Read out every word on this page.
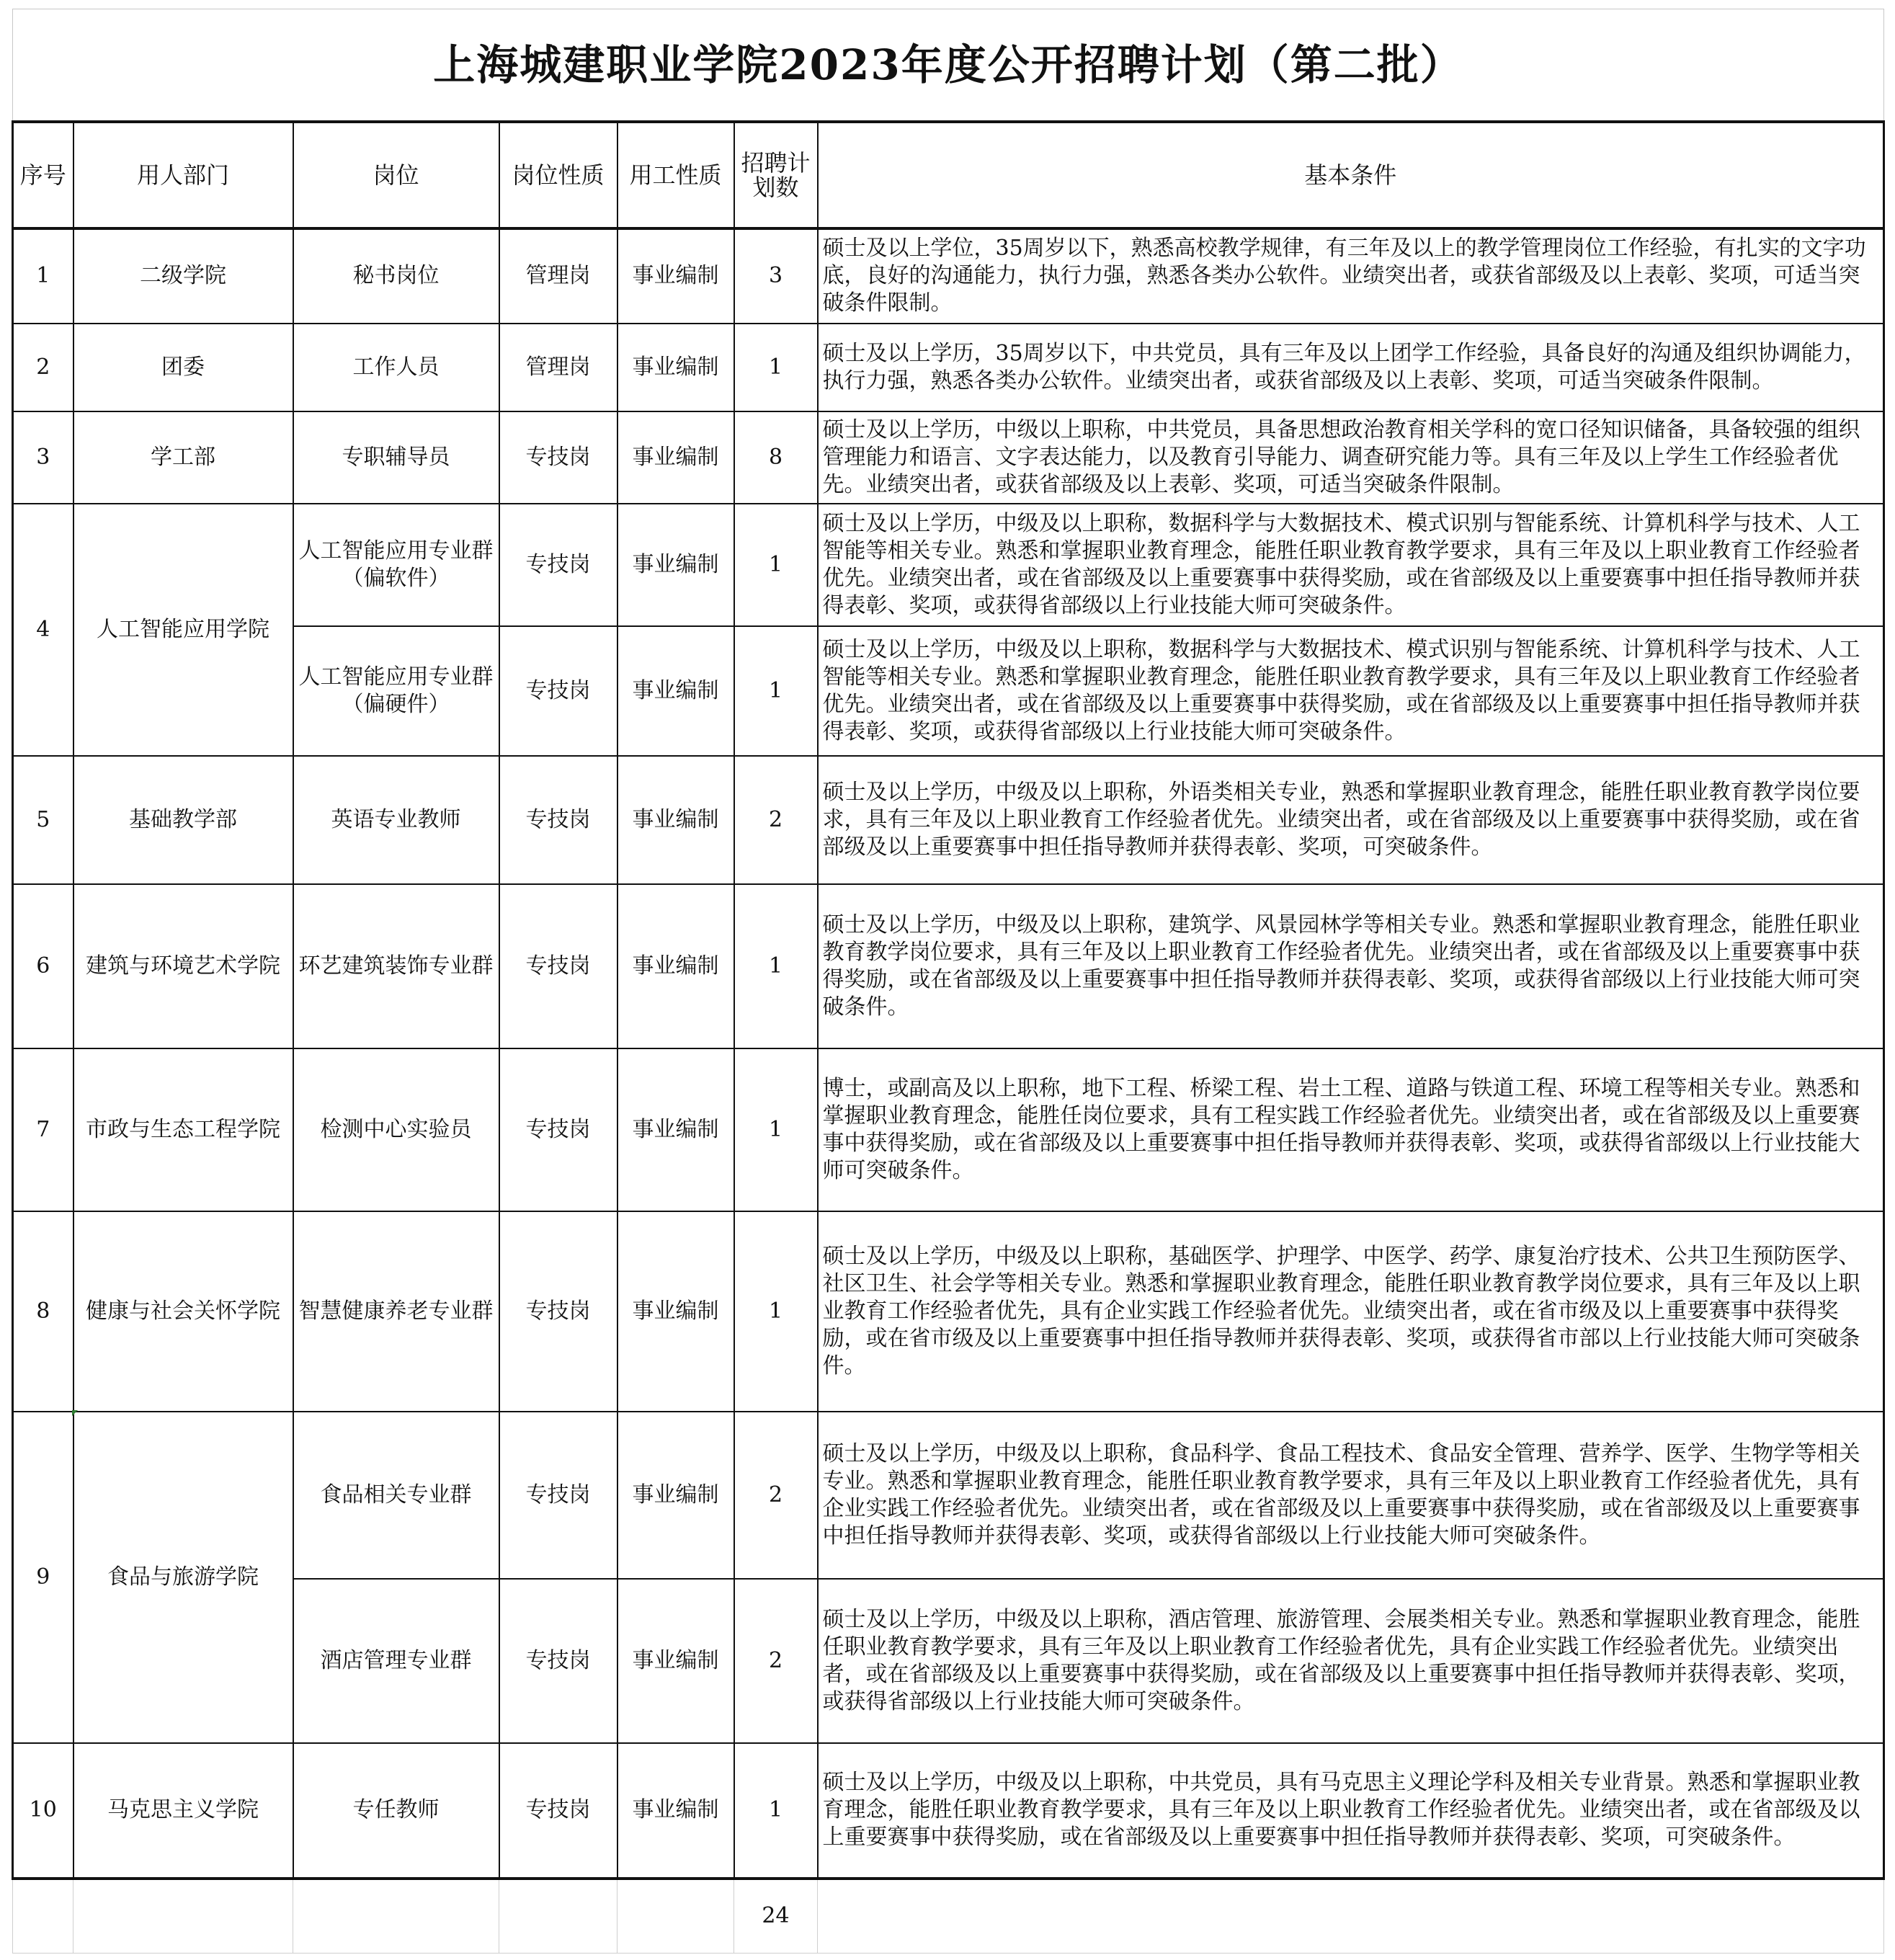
上海城建职业学院2023年度公开招聘计划（第二批）						
序号	用人部门	岗位	岗位性质	用工性质	招聘计划数	基本条件
1	二级学院	秘书岗位	管理岗	事业编制	3	硕士及以上学位，35周岁以下，熟悉高校教学规律，有三年及以上的教学管理岗位工作经验，有扎实的文字功底，良好的沟通能力，执行力强，熟悉各类办公软件。业绩突出者，或获省部级及以上表彰、奖项，可适当突破条件限制。
2	团委	工作人员	管理岗	事业编制	1	硕士及以上学历，35周岁以下，中共党员，具有三年及以上团学工作经验，具备良好的沟通及组织协调能力，执行力强，熟悉各类办公软件。业绩突出者，或获省部级及以上表彰、奖项，可适当突破条件限制。
3	学工部	专职辅导员	专技岗	事业编制	8	硕士及以上学历，中级以上职称，中共党员，具备思想政治教育相关学科的宽口径知识储备，具备较强的组织管理能力和语言、文字表达能力，以及教育引导能力、调查研究能力等。具有三年及以上学生工作经验者优先。业绩突出者，或获省部级及以上表彰、奖项，可适当突破条件限制。
4	人工智能应用学院	人工智能应用专业群（偏软件）	专技岗	事业编制	1	硕士及以上学历，中级及以上职称，数据科学与大数据技术、模式识别与智能系统、计算机科学与技术、人工智能等相关专业。熟悉和掌握职业教育理念，能胜任职业教育教学要求，具有三年及以上职业教育工作经验者优先。业绩突出者，或在省部级及以上重要赛事中获得奖励，或在省部级及以上重要赛事中担任指导教师并获得表彰、奖项，或获得省部级以上行业技能大师可突破条件。
		人工智能应用专业群（偏硬件）	专技岗	事业编制	1	硕士及以上学历，中级及以上职称，数据科学与大数据技术、模式识别与智能系统、计算机科学与技术、人工智能等相关专业。熟悉和掌握职业教育理念，能胜任职业教育教学要求，具有三年及以上职业教育工作经验者优先。业绩突出者，或在省部级及以上重要赛事中获得奖励，或在省部级及以上重要赛事中担任指导教师并获得表彰、奖项，或获得省部级以上行业技能大师可突破条件。
5	基础教学部	英语专业教师	专技岗	事业编制	2	硕士及以上学历，中级及以上职称，外语类相关专业，熟悉和掌握职业教育理念，能胜任职业教育教学岗位要求，具有三年及以上职业教育工作经验者优先。业绩突出者，或在省部级及以上重要赛事中获得奖励，或在省部级及以上重要赛事中担任指导教师并获得表彰、奖项，可突破条件。
6	建筑与环境艺术学院	环艺建筑装饰专业群	专技岗	事业编制	1	硕士及以上学历，中级及以上职称，建筑学、风景园林学等相关专业。熟悉和掌握职业教育理念，能胜任职业教育教学岗位要求，具有三年及以上职业教育工作经验者优先。业绩突出者，或在省部级及以上重要赛事中获得奖励，或在省部级及以上重要赛事中担任指导教师并获得表彰、奖项，或获得省部级以上行业技能大师可突破条件。
7	市政与生态工程学院	检测中心实验员	专技岗	事业编制	1	博士，或副高及以上职称，地下工程、桥梁工程、岩土工程、道路与铁道工程、环境工程等相关专业。熟悉和掌握职业教育理念，能胜任岗位要求，具有工程实践工作经验者优先。业绩突出者，或在省部级及以上重要赛事中获得奖励，或在省部级及以上重要赛事中担任指导教师并获得表彰、奖项，或获得省部级以上行业技能大师可突破条件。
8	健康与社会关怀学院	智慧健康养老专业群	专技岗	事业编制	1	硕士及以上学历，中级及以上职称，基础医学、护理学、中医学、药学、康复治疗技术、公共卫生预防医学、社区卫生、社会学等相关专业。熟悉和掌握职业教育理念，能胜任职业教育教学岗位要求，具有三年及以上职业教育工作经验者优先，具有企业实践工作经验者优先。业绩突出者，或在省市级及以上重要赛事中获得奖励，或在省市级及以上重要赛事中担任指导教师并获得表彰、奖项，或获得省市部以上行业技能大师可突破条件。
9	食品与旅游学院	食品相关专业群	专技岗	事业编制	2	硕士及以上学历，中级及以上职称，食品科学、食品工程技术、食品安全管理、营养学、医学、生物学等相关专业。熟悉和掌握职业教育理念，能胜任职业教育教学要求，具有三年及以上职业教育工作经验者优先，具有企业实践工作经验者优先。业绩突出者，或在省部级及以上重要赛事中获得奖励，或在省部级及以上重要赛事中担任指导教师并获得表彰、奖项，或获得省部级以上行业技能大师可突破条件。
		酒店管理专业群	专技岗	事业编制	2	硕士及以上学历，中级及以上职称，酒店管理、旅游管理、会展类相关专业。熟悉和掌握职业教育理念，能胜任职业教育教学要求，具有三年及以上职业教育工作经验者优先，具有企业实践工作经验者优先。业绩突出者，或在省部级及以上重要赛事中获得奖励，或在省部级及以上重要赛事中担任指导教师并获得表彰、奖项，或获得省部级以上行业技能大师可突破条件。
10	马克思主义学院	专任教师	专技岗	事业编制	1	硕士及以上学历，中级及以上职称，中共党员，具有马克思主义理论学科及相关专业背景。熟悉和掌握职业教育理念，能胜任职业教育教学要求，具有三年及以上职业教育工作经验者优先。业绩突出者，或在省部级及以上重要赛事中获得奖励，或在省部级及以上重要赛事中担任指导教师并获得表彰、奖项，可突破条件。
					24	
